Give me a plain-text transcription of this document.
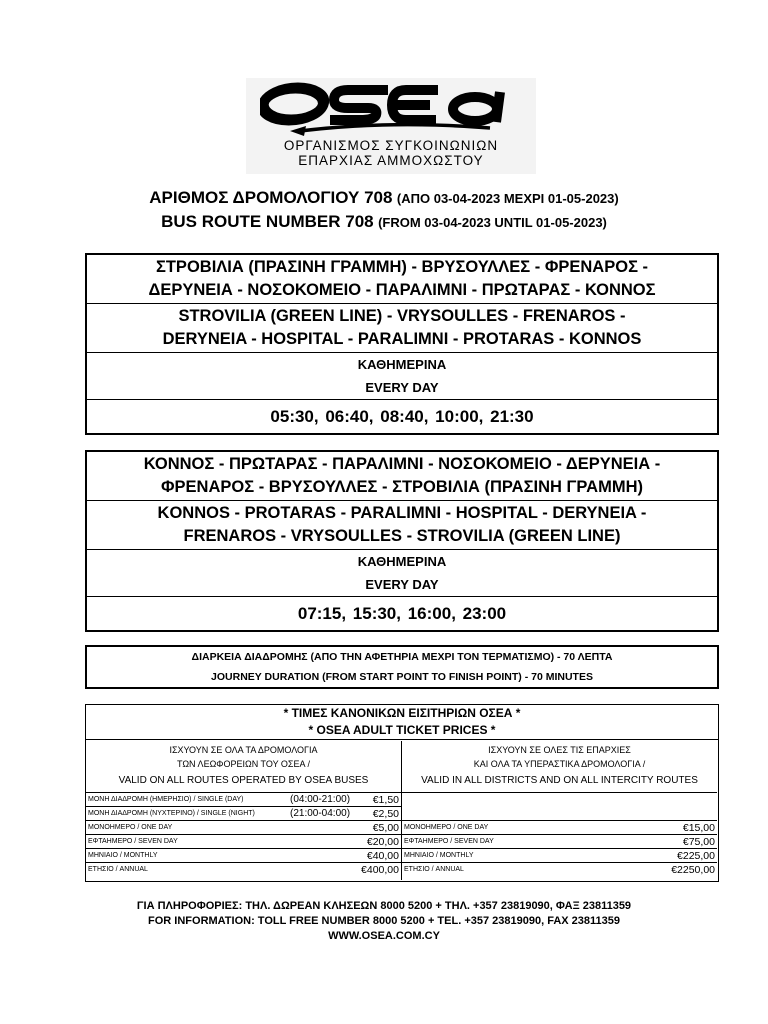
ΟΡΓΑΝΙΣΜΟΣ ΣΥΓΚΟΙΝΩΝΙΩΝ
ΕΠΑΡΧΙΑΣ ΑΜΜΟΧΩΣΤΟΥ
ΑΡΙΘΜΟΣ ΔΡΟΜΟΛΟΓΙΟΥ 708 (ΑΠΟ 03-04-2023 ΜΕΧΡΙ 01-05-2023)
BUS ROUTE NUMBER 708 (FROM 03-04-2023 UNTIL 01-05-2023)
ΣΤΡΟΒΙΛΙΑ (ΠΡΑΣΙΝΗ ΓΡΑΜΜΗ) - ΒΡΥΣΟΥΛΛΕΣ - ΦΡΕΝΑΡΟΣ -
ΔΕΡΥΝΕΙΑ - ΝΟΣΟΚΟΜΕΙΟ - ΠΑΡΑΛΙΜΝΙ - ΠΡΩΤΑΡΑΣ - ΚΟΝΝΟΣ
STROVILIA (GREEN LINE) - VRYSOULLES - FRENAROS -
DERYNEIA - HOSPITAL - PARALIMNI - PROTARAS - KONNOS
ΚΑΘΗΜΕΡΙΝΑ
EVERY DAY
05:30, 06:40, 08:40, 10:00, 21:30
ΚΟΝΝΟΣ - ΠΡΩΤΑΡΑΣ - ΠΑΡΑΛΙΜΝΙ - ΝΟΣΟΚΟΜΕΙΟ - ΔΕΡΥΝΕΙΑ -
ΦΡΕΝΑΡΟΣ - ΒΡΥΣΟΥΛΛΕΣ - ΣΤΡΟΒΙΛΙΑ (ΠΡΑΣΙΝΗ ΓΡΑΜΜΗ)
KONNOS - PROTARAS - PARALIMNI - HOSPITAL - DERYNEIA -
FRENAROS - VRYSOULLES - STROVILIA (GREEN LINE)
ΚΑΘΗΜΕΡΙΝΑ
EVERY DAY
07:15, 15:30, 16:00, 23:00
ΔΙΑΡΚΕΙΑ ΔΙΑΔΡΟΜΗΣ (ΑΠΟ ΤΗΝ ΑΦΕΤΗΡΙΑ ΜΕΧΡΙ ΤΟΝ ΤΕΡΜΑΤΙΣΜΟ) - 70 ΛΕΠΤΑ
JOURNEY DURATION (FROM START POINT TO FINISH POINT) - 70 MINUTES
* ΤΙΜΕΣ ΚΑΝΟΝΙΚΩΝ ΕΙΣΙΤΗΡΙΩΝ ΟΣΕΑ *
* OSEA ADULT TICKET PRICES *
ΙΣΧΥΟΥΝ ΣΕ ΟΛΑ ΤΑ ΔΡΟΜΟΛΟΓΙΑ
ΤΩΝ ΛΕΩΦΟΡΕΙΩΝ ΤΟΥ ΟΣΕΑ /
VALID ON ALL ROUTES OPERATED BY OSEA BUSES
ΜΟΝΗ ΔΙΑΔΡΟΜΗ (ΗΜΕΡΗΣΙΟ) / SINGLE (DAY)	(04:00-21:00) €1,50
ΜΟΝΗ ΔΙΑΔΡΟΜΗ (ΝΥΧΤΕΡΙΝΟ) / SINGLE (NIGHT)	(21:00-04:00) €2,50
ΜΟΝΟΗΜΕΡΟ / ONE DAY	€5,00
ΕΦΤΑΗΜΕΡΟ / SEVEN DAY	€20,00
ΜΗΝΙΑΙΟ / MONTHLY	€40,00
ΕΤΗΣΙΟ / ANNUAL	€400,00
ΙΣΧΥΟΥΝ ΣΕ ΟΛΕΣ ΤΙΣ ΕΠΑΡΧΙΕΣ
ΚΑΙ ΟΛΑ ΤΑ ΥΠΕΡΑΣΤΙΚΑ ΔΡΟΜΟΛΟΓΙΑ /
VALID IN ALL DISTRICTS AND ON ALL INTERCITY ROUTES
ΜΟΝΟΗΜΕΡΟ / ONE DAY	€15,00
ΕΦΤΑΗΜΕΡΟ / SEVEN DAY	€75,00
ΜΗΝΙΑΙΟ / MONTHLY	€225,00
ΕΤΗΣΙΟ / ANNUAL	€2250,00
ΓΙΑ ΠΛΗΡΟΦΟΡΙΕΣ: ΤΗΛ. ΔΩΡΕΑΝ ΚΛΗΣΕΩΝ 8000 5200 + ΤΗΛ. +357 23819090, ΦΑΞ 23811359
FOR INFORMATION: TOLL FREE NUMBER 8000 5200 + TEL. +357 23819090, FAX 23811359
WWW.OSEA.COM.CY
